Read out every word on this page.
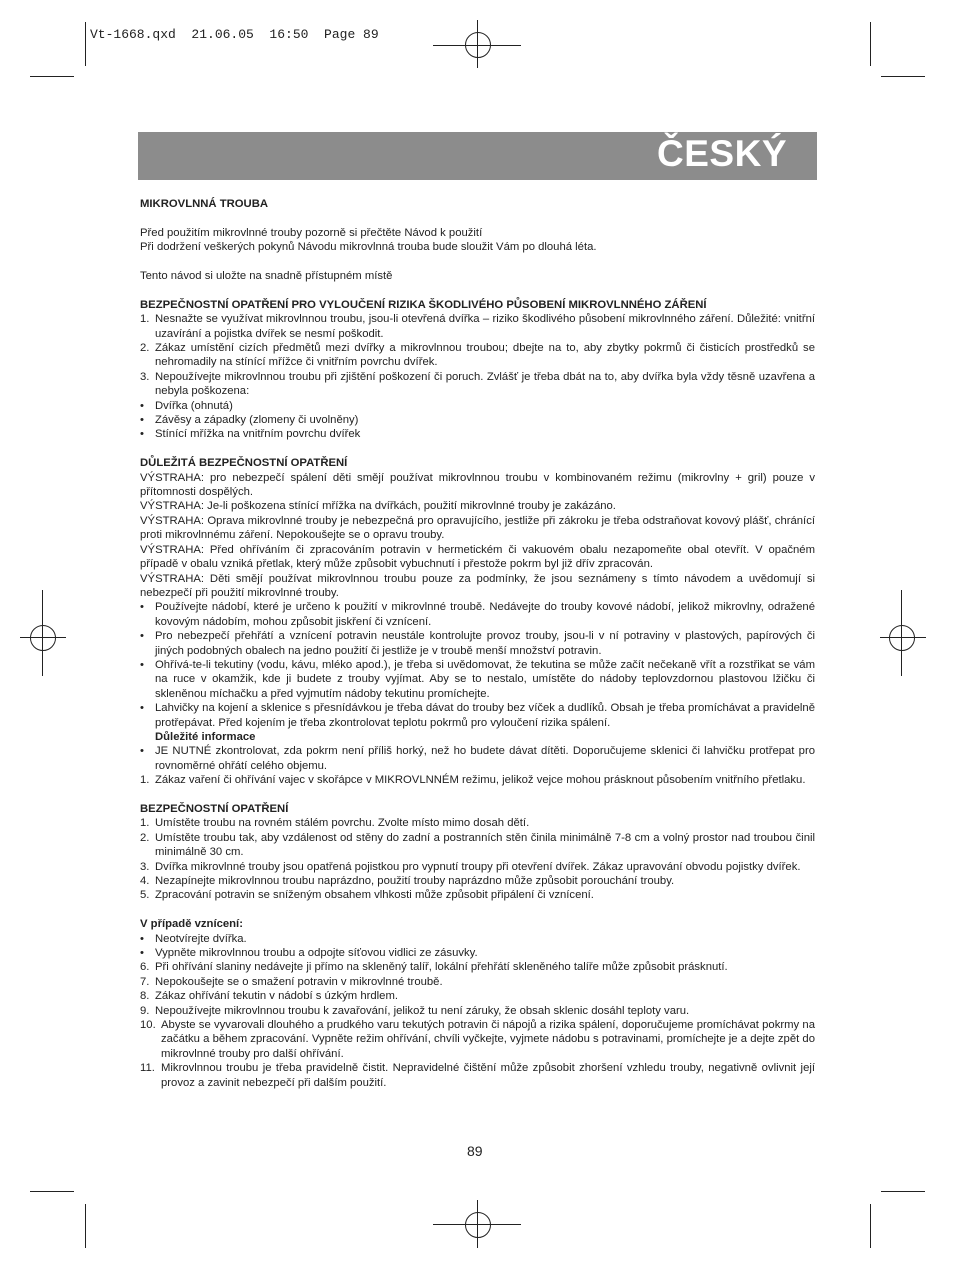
Vt-1668.qxd  21.06.05  16:50  Page 89
ČESKÝ
MIKROVLNNÁ TROUBA
Před použitím mikrovlnné trouby pozorně si přečtěte Návod k použití
Při dodržení veškerých pokynů Návodu mikrovlnná trouba bude sloužit Vám po dlouhá léta.
Tento návod si uložte na snadně přístupném místě
BEZPEČNOSTNÍ OPATŘENÍ PRO VYLOUČENÍ RIZIKA ŠKODLIVÉHO PŮSOBENÍ MIKROVLNNÉHO ZÁŘENÍ
1. Nesnažte se využívat mikrovlnnou troubu, jsou-li otevřená dvířka – riziko škodlivého působení mikrovlnného záření. Důležité: vnitřní uzavírání a pojistka dvířek se nesmí poškodit.
2. Zákaz umístění cizích předmětů mezi dvířky a mikrovlnnou troubou; dbejte na to, aby zbytky pokrmů či čisticích prostředků se nehromadily na stínící mřížce či vnitřním povrchu dvířek.
3. Nepoužívejte mikrovlnnou troubu při zjištění poškození či poruch. Zvlášť je třeba dbát na to, aby dvířka byla vždy těsně uzavřena a nebyla poškozena:
• Dvířka (ohnutá)
• Závěsy a západky (zlomeny či uvolněny)
• Stínící mřížka na vnitřním povrchu dvířek
DŮLEŽITÁ BEZPEČNOSTNÍ OPATŘENÍ
VÝSTRAHA: pro nebezpečí spálení děti smějí používat mikrovlnnou troubu v kombinovaném režimu (mikrovlny + gril) pouze v přítomnosti dospělých.
VÝSTRAHA: Je-li poškozena stínící mřížka na dvířkách, použití mikrovlnné trouby je zakázáno.
VÝSTRAHA: Oprava mikrovlnné trouby je nebezpečná pro opravujícího, jestliže při zákroku je třeba odstraňovat kovový plášť, chránící proti mikrovlnnému záření. Nepokoušejte se o opravu trouby.
VÝSTRAHA: Před ohříváním či zpracováním potravin v hermetickém či vakuovém obalu nezapomeňte obal otevřít. V opačném případě v obalu vzniká přetlak, který může způsobit vybuchnutí i přestože pokrm byl již dřív zpracován.
VÝSTRAHA: Děti smějí používat mikrovlnnou troubu pouze za podmínky, že jsou seznámeny s tímto návodem a uvědomují si nebezpečí při použití mikrovlnné trouby.
• Používejte nádobí, které je určeno k použití v mikrovlnné troubě. Nedávejte do trouby kovové nádobí, jelikož mikrovlny, odražené kovovým nádobím, mohou způsobit jiskření či vznícení.
• Pro nebezpečí přehřátí a vznícení potravin neustále kontrolujte provoz trouby, jsou-li v ní potraviny v plastových, papírových či jiných podobných obalech na jedno použití či jestliže je v troubě menší množství potravin.
• Ohřívá-te-li tekutiny (vodu, kávu, mléko apod.), je třeba si uvědomovat, že tekutina se může začít nečekaně vřít a rozstřikat se vám na ruce v okamžik, kde ji budete z trouby vyjímat. Aby se to nestalo, umístěte do nádoby teplovzdornou plastovou lžičku či skleněnou míchačku a před vyjmutím nádoby tekutinu promíchejte.
• Lahvičky na kojení a sklenice s přesnídávkou je třeba dávat do trouby bez víček a dudlíků. Obsah je třeba promíchávat a pravidelně protřepávat. Před kojením je třeba zkontrolovat teplotu pokrmů pro vyloučení rizika spálení.
Důležité informace
• JE NUTNÉ zkontrolovat, zda pokrm není příliš horký, než ho budete dávat dítěti. Doporučujeme sklenici či lahvičku protřepat pro rovnoměrné ohřátí celého objemu.
1. Zákaz vaření či ohřívání vajec v skořápce v MIKROVLNNÉM režimu, jelikož vejce mohou prásknout působením vnitřního přetlaku.
BEZPEČNOSTNÍ OPATŘENÍ
1. Umístěte troubu na rovném stálém povrchu. Zvolte místo mimo dosah dětí.
2. Umístěte troubu tak, aby vzdálenost od stěny do zadní a postranních stěn činila minimálně 7-8 cm a volný prostor nad troubou činil minimálně 30 cm.
3. Dvířka mikrovlnné trouby jsou opatřená pojistkou pro vypnutí troupy při otevření dvířek. Zákaz upravování obvodu pojistky dvířek.
4. Nezapínejte mikrovlnnou troubu naprázdno, použití trouby naprázdno může způsobit porouchání trouby.
5. Zpracování potravin se sníženým obsahem vlhkosti může způsobit připálení či vznícení.
V případě vznícení:
• Neotvírejte dvířka.
• Vypněte mikrovlnnou troubu a odpojte síťovou vidlici ze zásuvky.
6. Při ohřívání slaniny nedávejte ji přímo na skleněný talíř, lokální přehřátí skleněného talíře může způsobit prásknutí.
7. Nepokoušejte se o smažení potravin v mikrovlnné troubě.
8. Zákaz ohřívání tekutin v nádobí s úzkým hrdlem.
9. Nepoužívejte mikrovlnnou troubu k zavařování, jelikož tu není záruky, že obsah sklenic dosáhl teploty varu.
10. Abyste se vyvarovali dlouhého a prudkého varu tekutých potravin či nápojů a rizika spálení, doporučujeme promíchávat pokrmy na začátku a během zpracování. Vypněte režim ohřívání, chvíli vyčkejte, vyjmete nádobu s potravinami, promíchejte je a dejte zpět do mikrovlnné trouby pro další ohřívání.
11. Mikrovlnnou troubu je třeba pravidelně čistit. Nepravidelné čištění může způsobit zhoršení vzhledu trouby, negativně ovlivnit její provoz a zavinit nebezpečí při dalším použití.
89
